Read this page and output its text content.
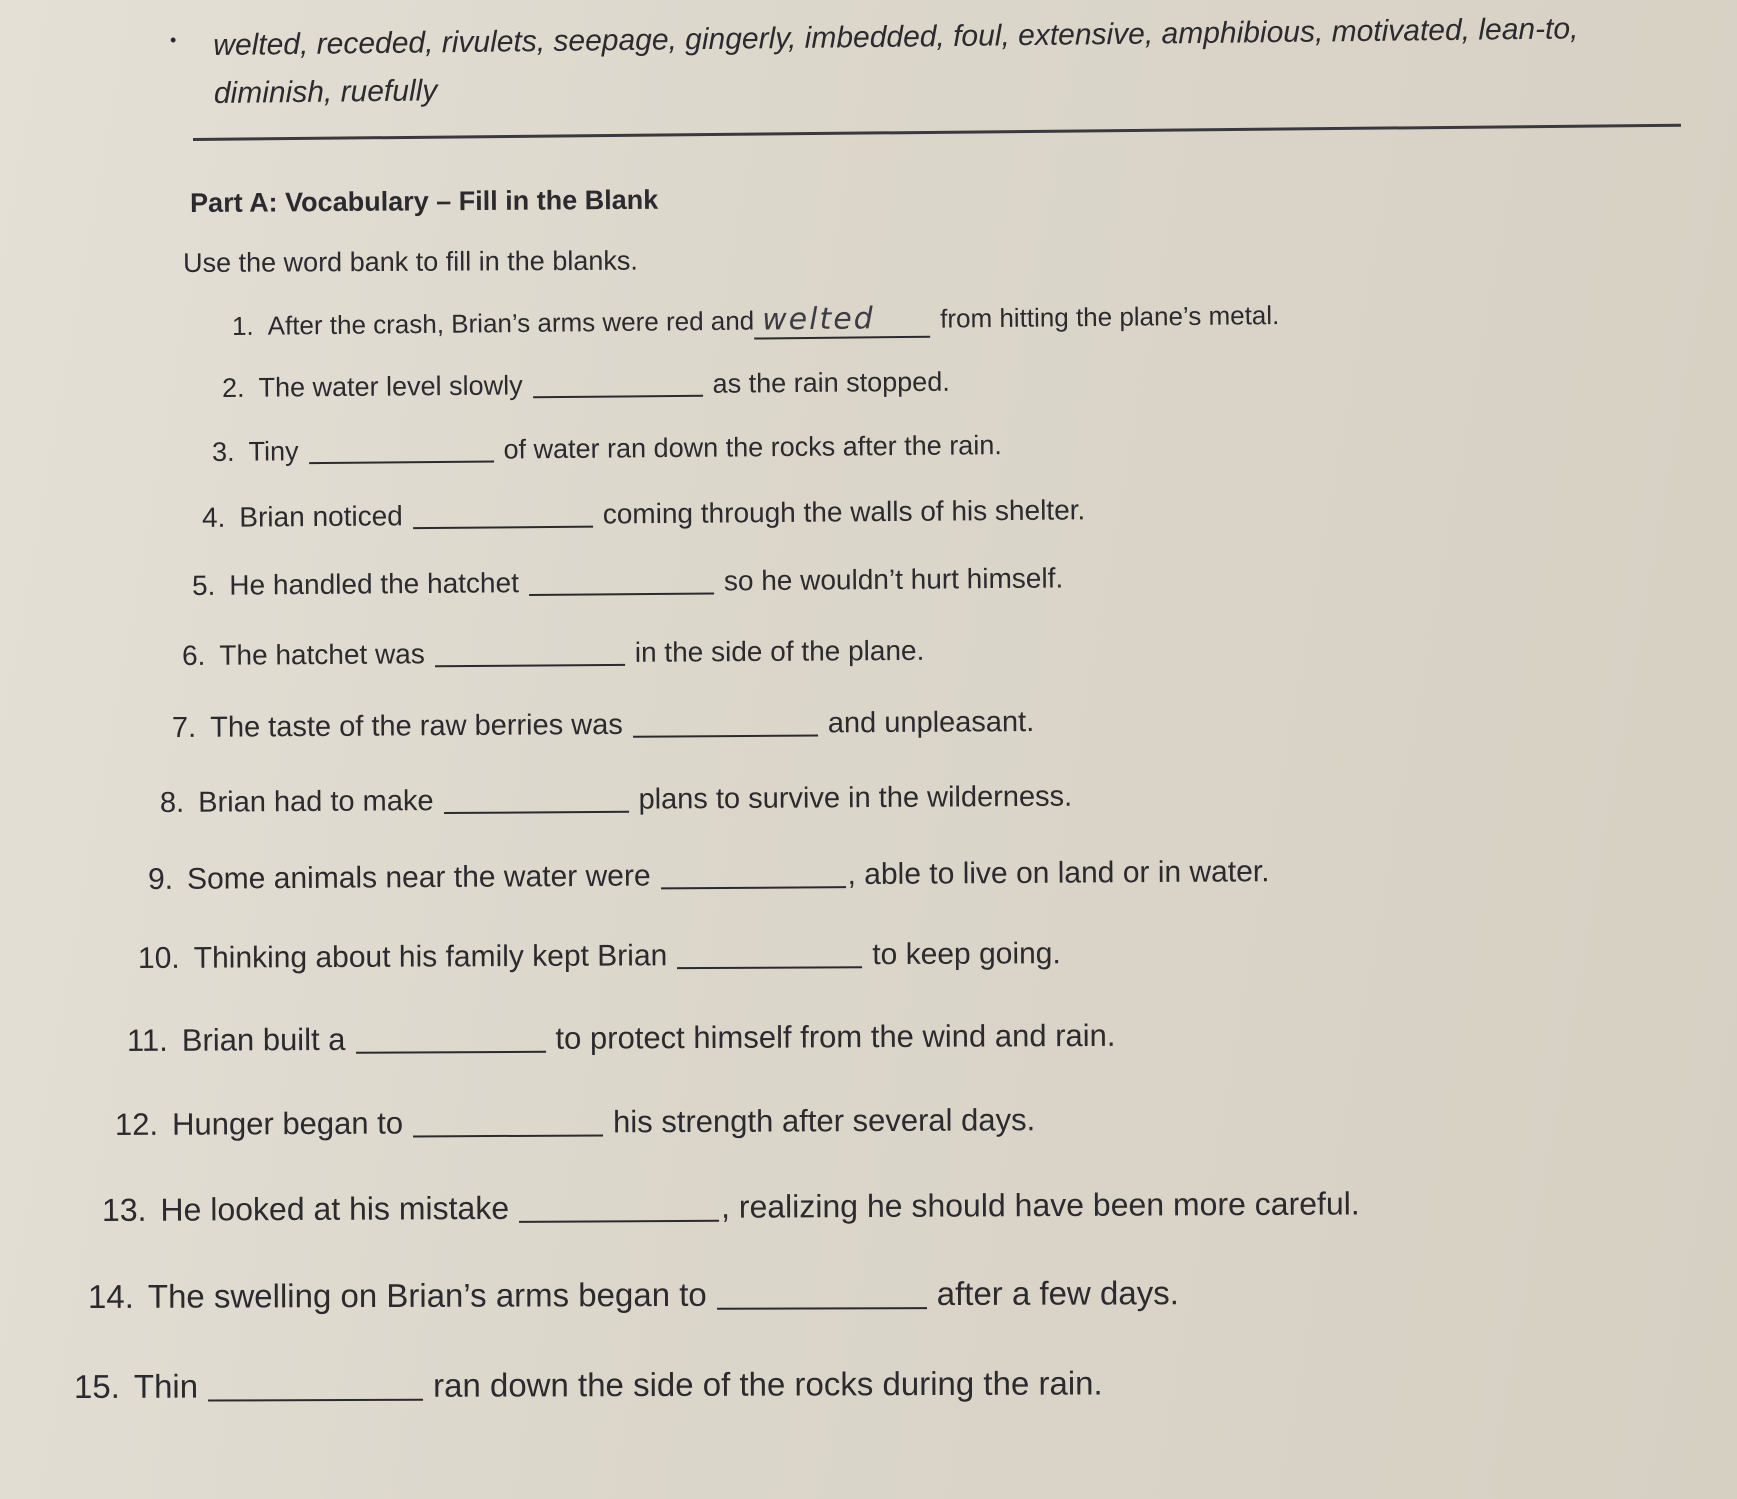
• welted, receded, rivulets, seepage, gingerly, imbedded, foul, extensive, amphibious, motivated, lean-to, diminish, ruefully
Part A: Vocabulary – Fill in the Blank
Use the word bank to fill in the blanks.
1. After the crash, Brian’s arms were red and welted	from hitting the plane’s metal.
2. The water level slowly	as the rain stopped.
3. Tiny	of water ran down the rocks after the rain.
4. Brian noticed	coming through the walls of his shelter.
5. He handled the hatchet	so he wouldn’t hurt himself.
6. The hatchet was	in the side of the plane.
7. The taste of the raw berries was	and unpleasant.
8. Brian had to make	plans to survive in the wilderness.
9. Some animals near the water were	, able to live on land or in water.
10. Thinking about his family kept Brian	to keep going.
11. Brian built a	to protect himself from the wind and rain.
12. Hunger began to	his strength after several days.
13. He looked at his mistake	, realizing he should have been more careful.
14. The swelling on Brian’s arms began to	after a few days.
15. Thin	ran down the side of the rocks during the rain.
